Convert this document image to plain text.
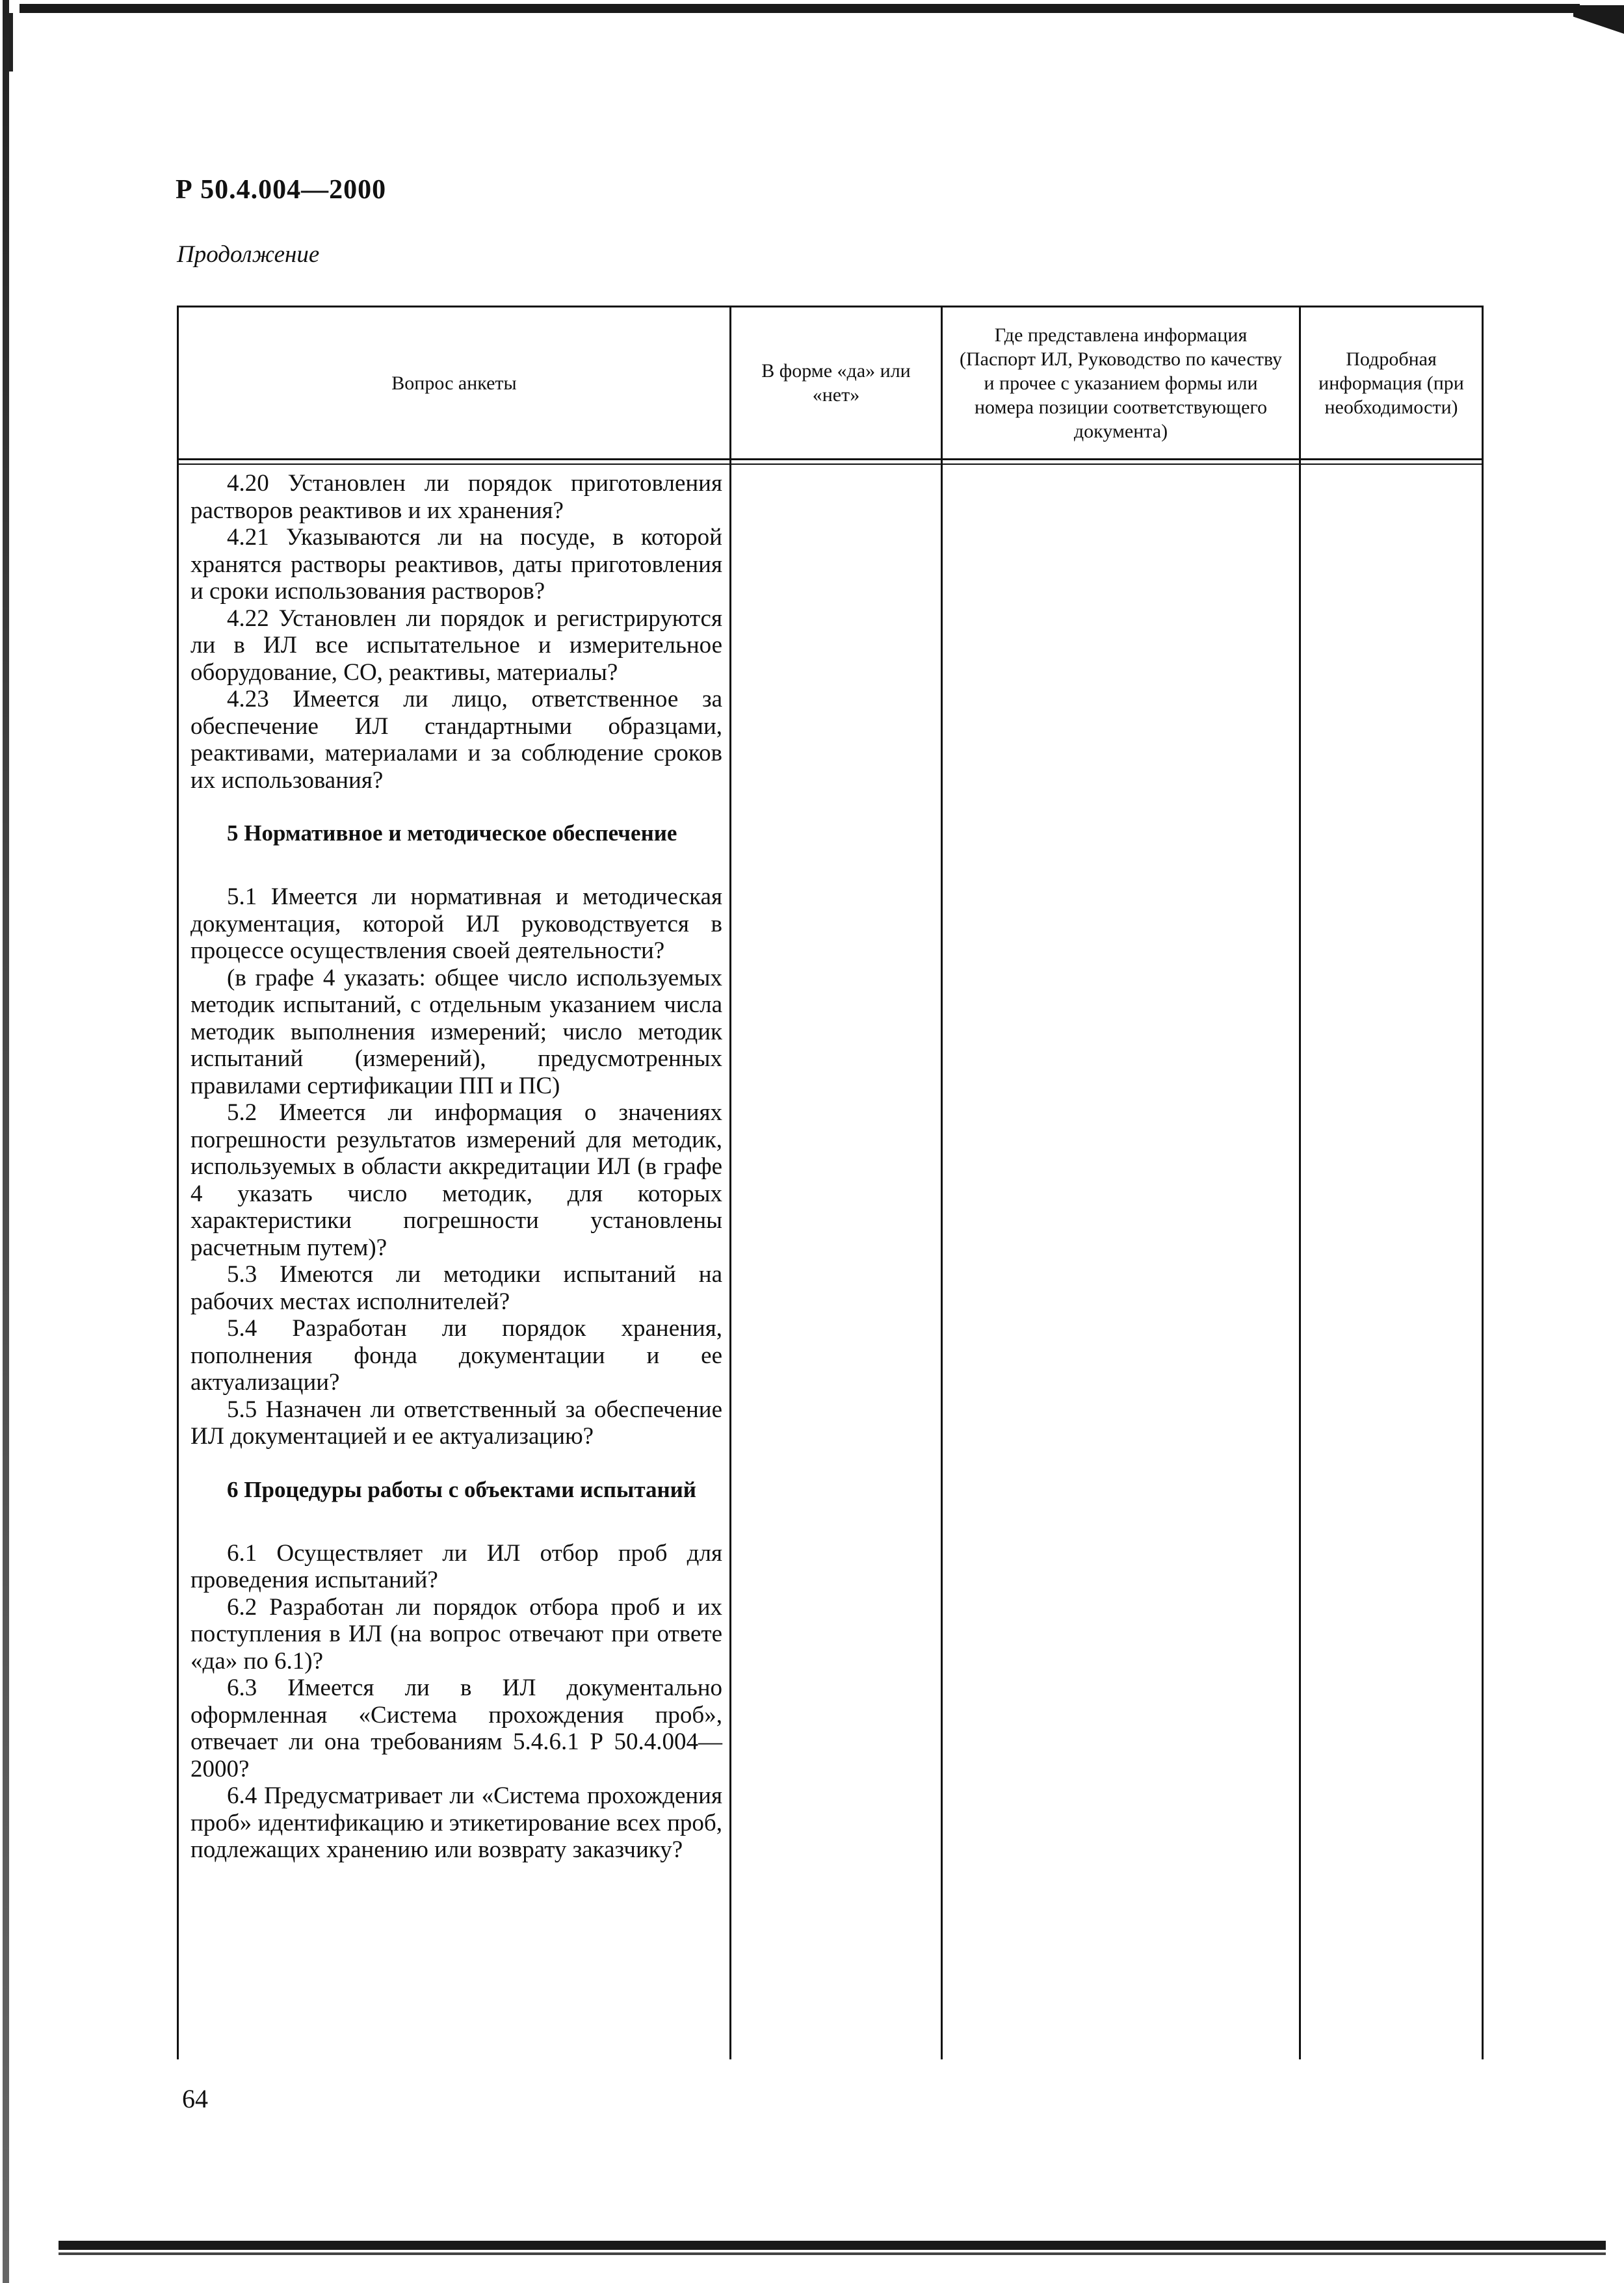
Р 50.4.004—2000
Продолжение
Вопрос анкеты
В форме «да» или «нет»
Где представлена информация (Паспорт ИЛ, Руководство по качеству и прочее с указанием формы или номера позиции соответствующего документа)
Подробная информация (при необходимости)

4.20 Установлен ли порядок приготовления растворов реактивов и их хранения?

4.21 Указываются ли на посуде, в которой хранятся растворы реактивов, даты приготовления и сроки использования растворов?

4.22 Установлен ли порядок и регистрируются ли в ИЛ все испытательное и измерительное оборудование, СО, реактивы, материалы?

4.23 Имеется ли лицо, ответственное за обеспечение ИЛ стандартными образцами, реактивами, материалами и за соблюдение сроков их использования?

5 Нормативное и методическое обеспечение

5.1 Имеется ли нормативная и методическая документация, которой ИЛ руководствуется в процессе осуществления своей деятельности?

(в графе 4 указать: общее число используемых методик испытаний, с отдельным указанием числа методик выполнения измерений; число методик испытаний (измерений), предусмотренных правилами сертификации ПП и ПС)

5.2 Имеется ли информация о значениях погрешности результатов измерений для методик, используемых в области аккредитации ИЛ (в графе 4 указать число методик, для которых характеристики погрешности установлены расчетным путем)?

5.3 Имеются ли методики испытаний на рабочих местах исполнителей?

5.4 Разработан ли порядок хранения, пополнения фонда документации и ее актуализации?

5.5 Назначен ли ответственный за обеспечение ИЛ документацией и ее актуализацию?

6 Процедуры работы с объектами испытаний

6.1 Осуществляет ли ИЛ отбор проб для проведения испытаний?

6.2 Разработан ли порядок отбора проб и их поступления в ИЛ (на вопрос отвечают при ответе «да» по 6.1)?

6.3 Имеется ли в ИЛ документально оформленная «Система прохождения проб», отвечает ли она требованиям 5.4.6.1 Р 50.4.004—2000?

6.4 Предусматривает ли «Система прохождения проб» идентификацию и этикетирование всех проб, подлежащих хранению или возврату заказчику?

64
